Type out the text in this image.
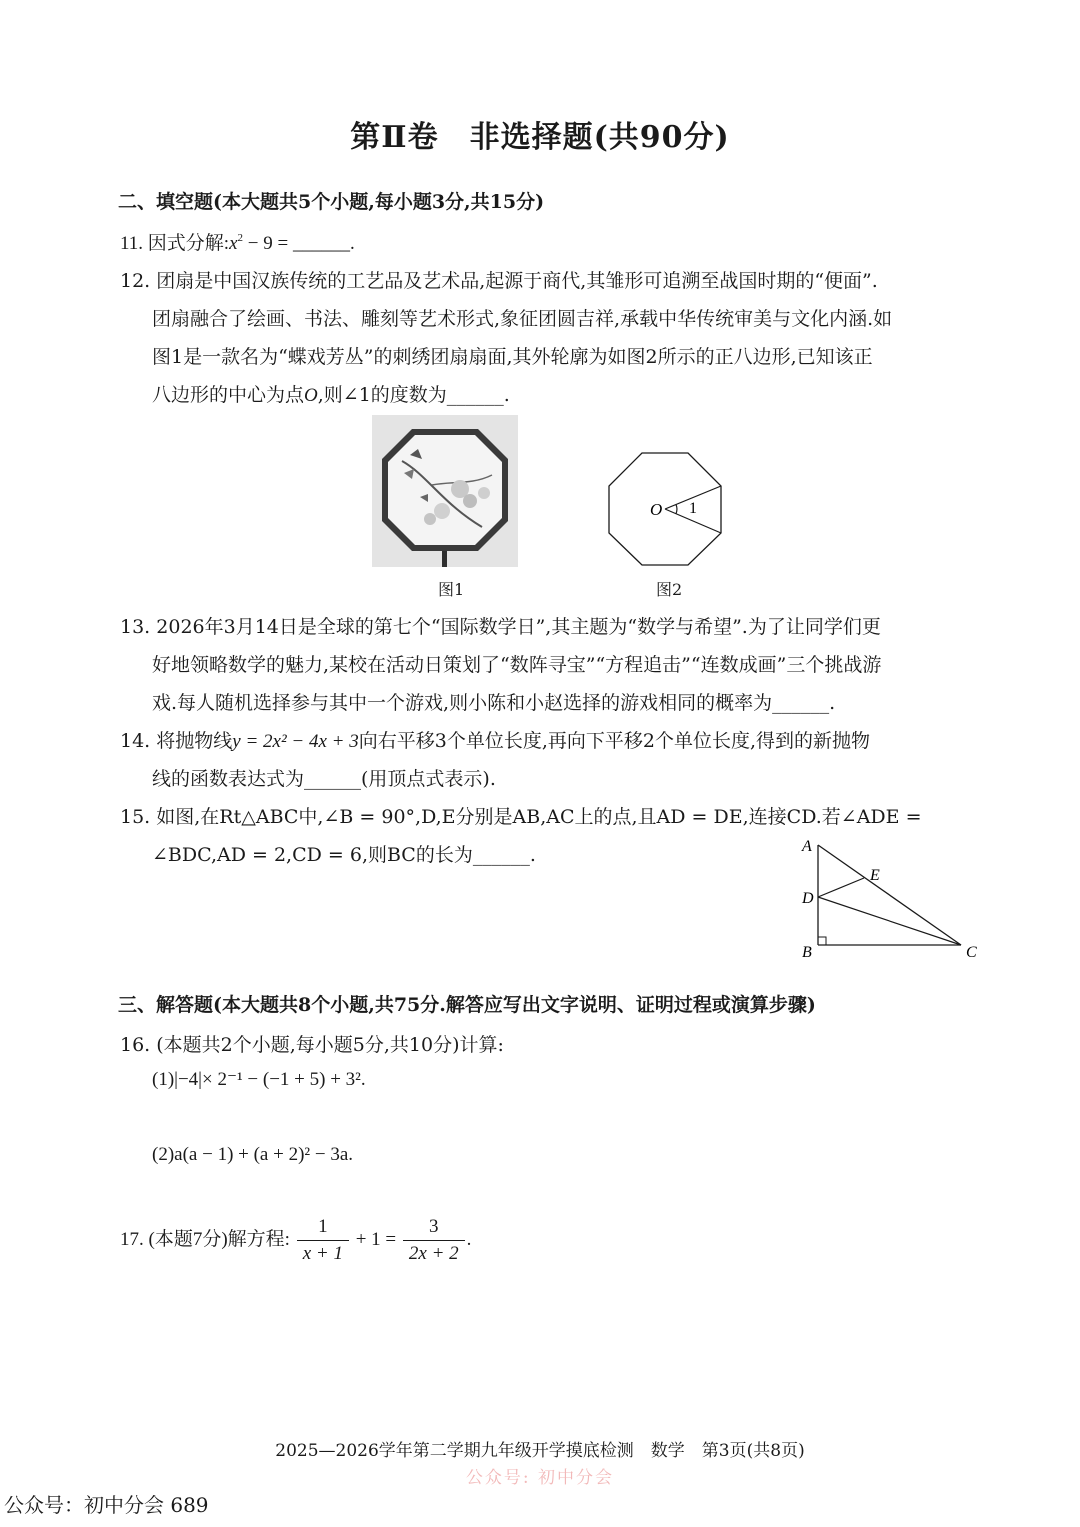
第Ⅱ卷　非选择题(共90分)
二、填空题(本大题共5个小题,每小题3分,共15分)
11. 因式分解$:x^2 - 9$ = ______.
12. 团扇是中国汉族传统的工艺品及艺术品,起源于商代,其雏形可追溯至战国时期的“便面”.
团扇融合了绘画、书法、雕刻等艺术形式,象征团圆吉祥,承载中华传统审美与文化内涵.如
图1是一款名为“蝶戏芳丛”的刺绣团扇扇面,其外轮廓为如图2所示的正八边形,已知该正
八边形的中心为点O,则∠1的度数为______.
图1
O 1
图2
13. 2026年3月14日是全球的第七个“国际数学日”,其主题为“数学与希望”.为了让同学们更
好地领略数学的魅力,某校在活动日策划了“数阵寻宝”“方程追击”“连数成画”三个挑战游
戏.每人随机选择参与其中一个游戏,则小陈和小赵选择的游戏相同的概率为______.
14. 将抛物线y = 2x² − 4x + 3向右平移3个单位长度,再向下平移2个单位长度,得到的新抛物
线的函数表达式为______(用顶点式表示).
15. 如图,在Rt△ABC中,∠B = 90°,D,E分别是AB,AC上的点,且AD = DE,连接CD.若∠ADE =
∠BDC,AD = 2,CD = 6,则BC的长为______.	A
D
B	C
E
三、解答题(本大题共8个小题,共75分.解答应写出文字说明、证明过程或演算步骤)
16. (本题共2个小题,每小题5分,共10分)计算:
(1)|−4|× 2⁻¹ − (−1 + 5) + 3².
(2)a(a − 1) + (a + 2)² − 3a.
17. (本题7分)解方程: $\frac{1}{x + 1} + 1 = \frac{3}{2x + 2}$ .
2025—2026学年第二学期九年级开学摸底检测　数学　第3页(共8页)
公众号: 初中分会
公众号：初中分会 689
